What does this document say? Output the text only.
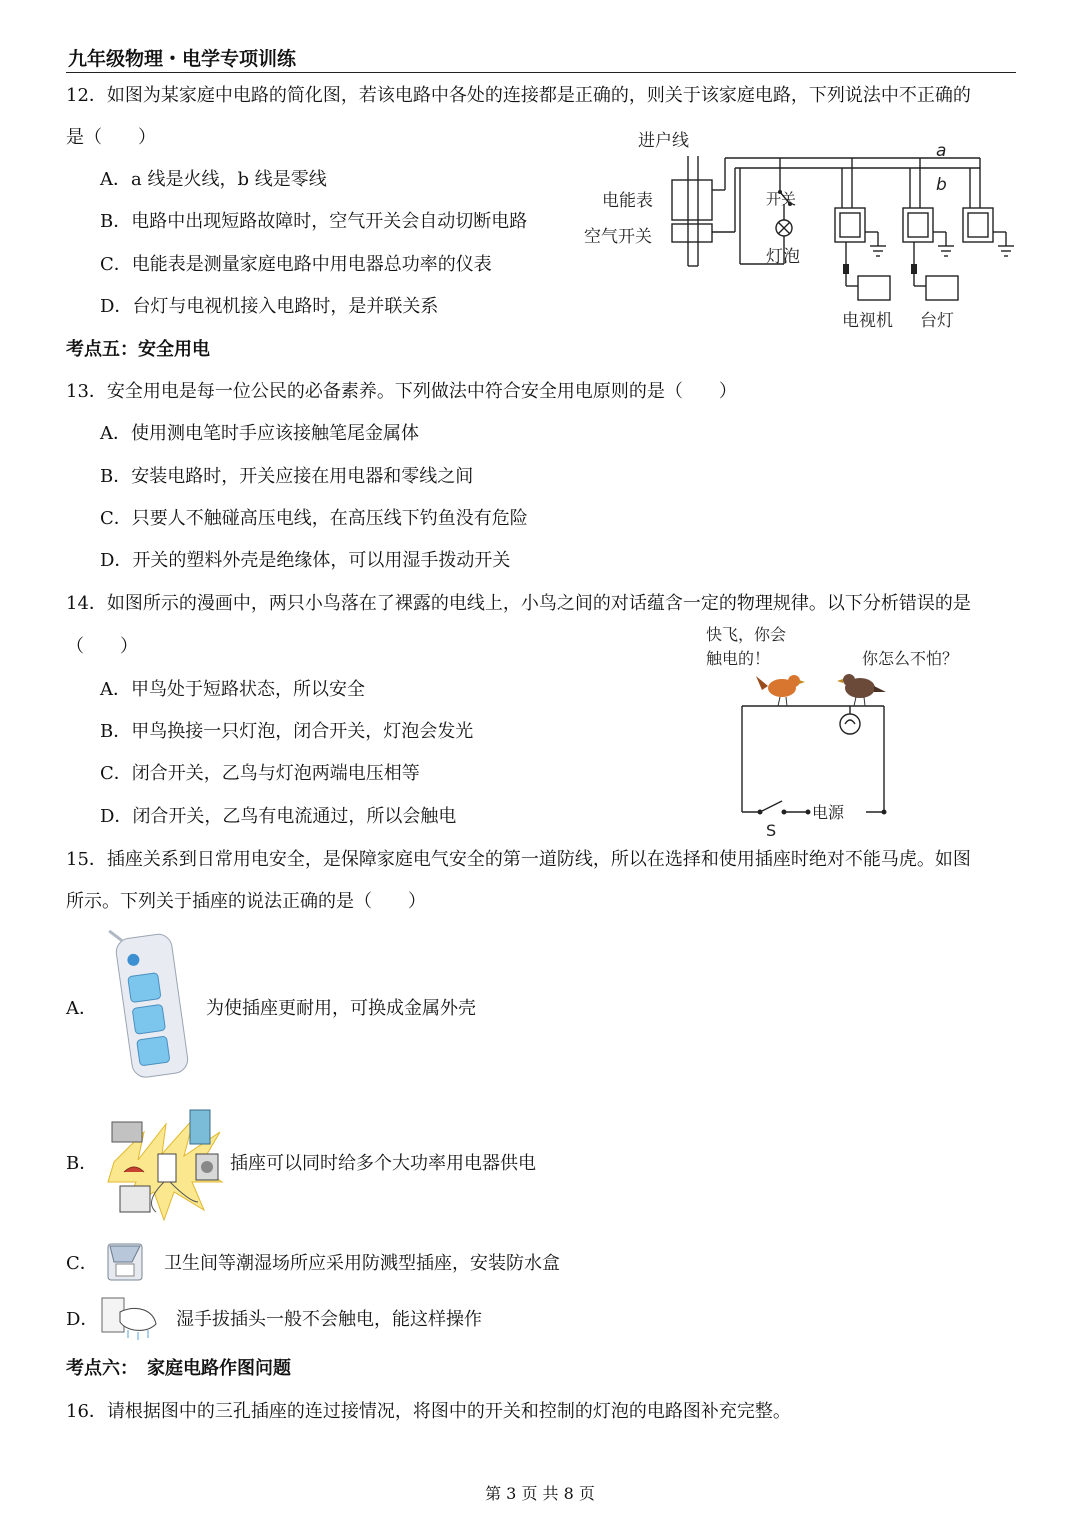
九年级物理・电学专项训练
12．如图为某家庭中电路的简化图，若该电路中各处的连接都是正确的，则关于该家庭电路，下列说法中不正确的
是（　　）
A．a 线是火线，b 线是零线
B．电路中出现短路故障时，空气开关会自动切断电路
C．电能表是测量家庭电路中用电器总功率的仪表
D．台灯与电视机接入电路时，是并联关系
进户线	a
b
电能表
空气开关
开关
灯泡
电视机 台灯
考点五：安全用电
13．安全用电是每一位公民的必备素养。下列做法中符合安全用电原则的是（　　）
A．使用测电笔时手应该接触笔尾金属体
B．安装电路时，开关应接在用电器和零线之间
C．只要人不触碰高压电线，在高压线下钓鱼没有危险
D．开关的塑料外壳是绝缘体，可以用湿手拨动开关
14．如图所示的漫画中，两只小鸟落在了裸露的电线上，小鸟之间的对话蕴含一定的物理规律。以下分析错误的是
（　　）
A．甲鸟处于短路状态，所以安全
B．甲鸟换接一只灯泡，闭合开关，灯泡会发光
C．闭合开关，乙鸟与灯泡两端电压相等
D．闭合开关，乙鸟有电流通过，所以会触电
快飞，你会
触电的！	你怎么不怕？
S
电源
15．插座关系到日常用电安全，是保障家庭电气安全的第一道防线，所以在选择和使用插座时绝对不能马虎。如图
所示。下列关于插座的说法正确的是（　　）
A．	为使插座更耐用，可换成金属外壳
B．	插座可以同时给多个大功率用电器供电
C．	卫生间等潮湿场所应采用防溅型插座，安装防水盒
D．	湿手拔插头一般不会触电，能这样操作
考点六：　家庭电路作图问题
16．请根据图中的三孔插座的连过接情况，将图中的开关和控制的灯泡的电路图补充完整。
第 3 页 共 8 页
